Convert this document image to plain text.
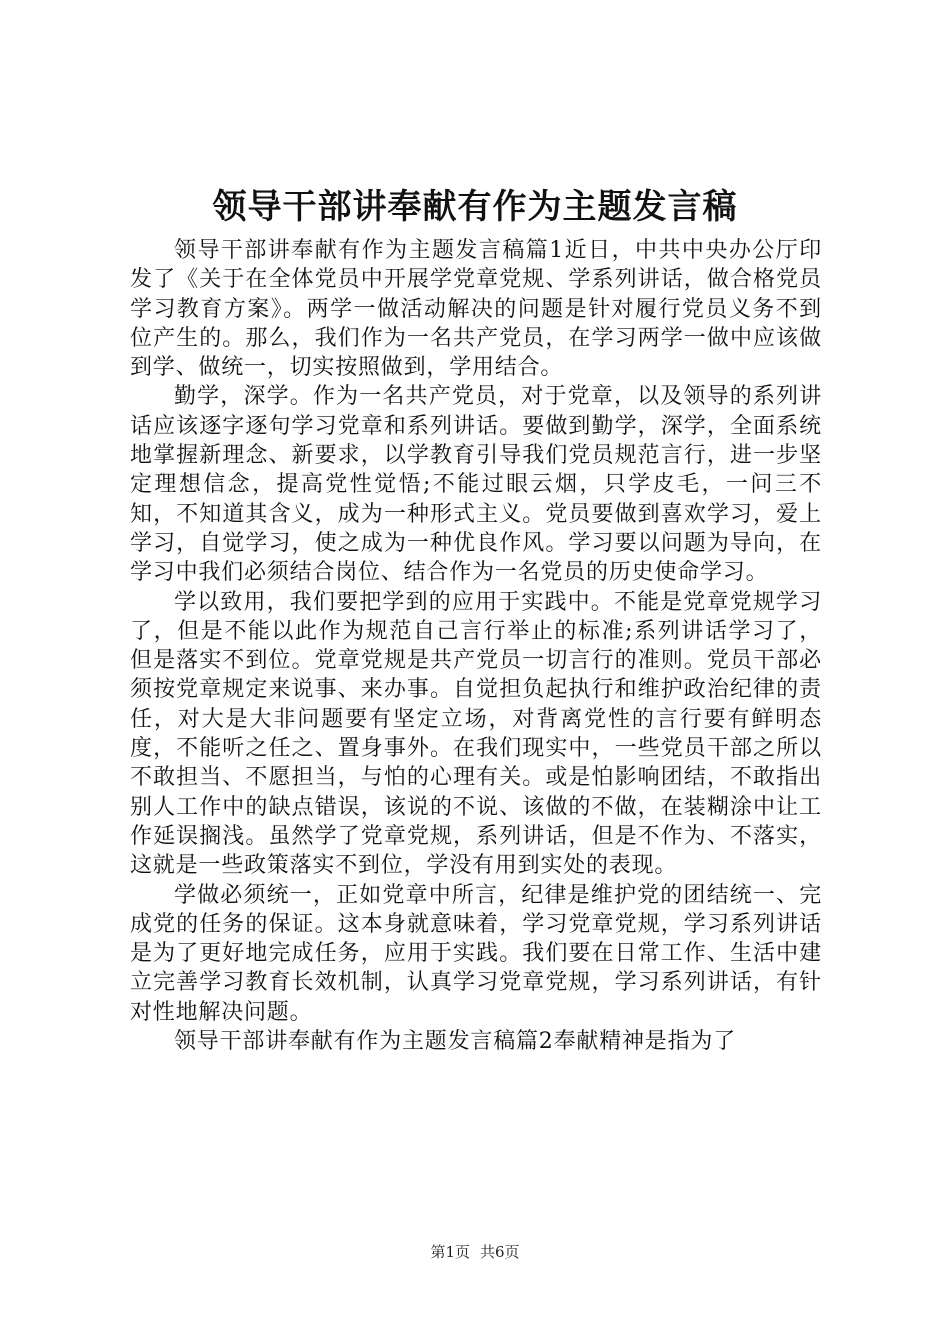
领导干部讲奉献有作为主题发言稿

领导干部讲奉献有作为主题发言稿篇1近日，中共中央办公厅印发了《关于在全体党员中开展学党章党规、学系列讲话，做合格党员学习教育方案》。两学一做活动解决的问题是针对履行党员义务不到位产生的。那么，我们作为一名共产党员，在学习两学一做中应该做到学、做统一，切实按照做到，学用结合。

勤学，深学。作为一名共产党员，对于党章，以及领导的系列讲话应该逐字逐句学习党章和系列讲话。要做到勤学，深学，全面系统地掌握新理念、新要求，以学教育引导我们党员规范言行，进一步坚定理想信念，提高党性觉悟;不能过眼云烟，只学皮毛，一问三不知，不知道其含义，成为一种形式主义。党员要做到喜欢学习，爱上学习，自觉学习，使之成为一种优良作风。学习要以问题为导向，在学习中我们必须结合岗位、结合作为一名党员的历史使命学习。

学以致用，我们要把学到的应用于实践中。不能是党章党规学习了，但是不能以此作为规范自己言行举止的标准;系列讲话学习了，但是落实不到位。党章党规是共产党员一切言行的准则。党员干部必须按党章规定来说事、来办事。自觉担负起执行和维护政治纪律的责任，对大是大非问题要有坚定立场，对背离党性的言行要有鲜明态度，不能听之任之、置身事外。在我们现实中，一些党员干部之所以不敢担当、不愿担当，与怕的心理有关。或是怕影响团结，不敢指出别人工作中的缺点错误，该说的不说、该做的不做，在装糊涂中让工作延误搁浅。虽然学了党章党规，系列讲话，但是不作为、不落实，这就是一些政策落实不到位，学没有用到实处的表现。

学做必须统一，正如党章中所言，纪律是维护党的团结统一、完成党的任务的保证。这本身就意味着，学习党章党规，学习系列讲话是为了更好地完成任务，应用于实践。我们要在日常工作、生活中建立完善学习教育长效机制，认真学习党章党规，学习系列讲话，有针对性地解决问题。

领导干部讲奉献有作为主题发言稿篇2奉献精神是指为了

第1页 共6页
